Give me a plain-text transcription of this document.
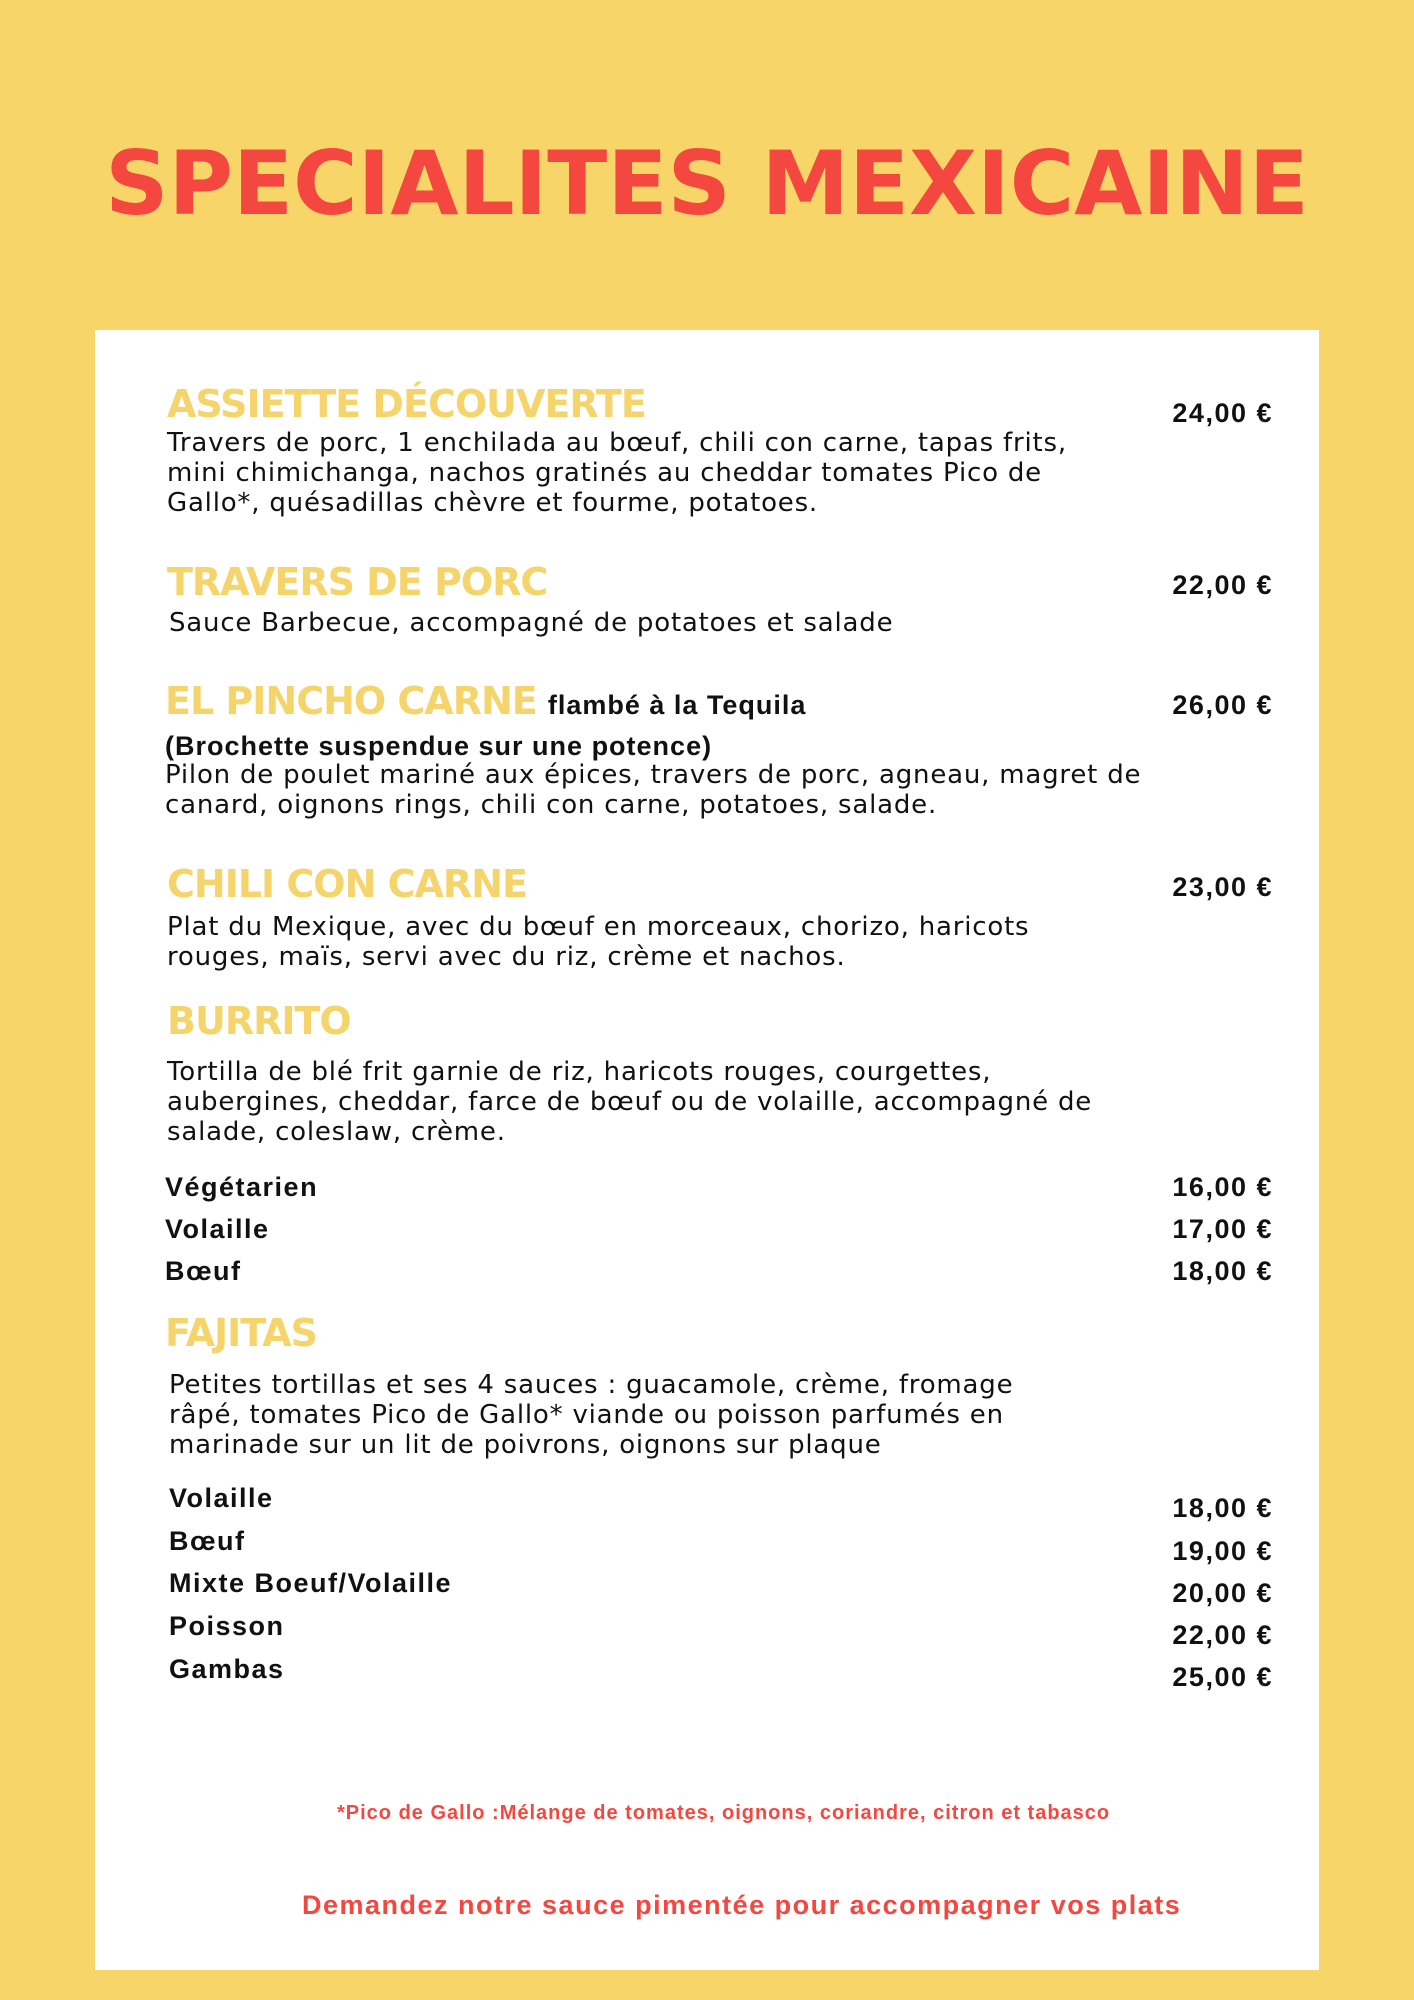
SPECIALITES MEXICAINE
ASSIETTE DÉCOUVERTE	24,00 €
Travers de porc, 1 enchilada au bœuf, chili con carne, tapas frits, mini chimichanga, nachos gratinés au cheddar tomates Pico de Gallo*, quésadillas chèvre et fourme, potatoes.
TRAVERS DE PORC	22,00 €
Sauce Barbecue, accompagné de potatoes et salade
EL PINCHO CARNE flambé à la Tequila	26,00 €
(Brochette suspendue sur une potence)
Pilon de poulet mariné aux épices, travers de porc, agneau, magret de canard, oignons rings, chili con carne, potatoes, salade.
CHILI CON CARNE	23,00 €
Plat du Mexique, avec du bœuf en morceaux, chorizo, haricots rouges, maïs, servi avec du riz, crème et nachos.
BURRITO
Tortilla de blé frit garnie de riz, haricots rouges, courgettes, aubergines, cheddar, farce de bœuf ou de volaille, accompagné de salade, coleslaw, crème.
Végétarien	16,00 €
Volaille	17,00 €
Bœuf	18,00 €
FAJITAS
Petites tortillas et ses 4 sauces : guacamole, crème, fromage râpé, tomates Pico de Gallo* viande ou poisson parfumés en marinade sur un lit de poivrons, oignons sur plaque
Volaille	18,00 €
Bœuf	19,00 €
Mixte Boeuf/Volaille	20,00 €
Poisson	22,00 €
Gambas	25,00 €
*Pico de Gallo :Mélange de tomates, oignons, coriandre, citron et tabasco
Demandez notre sauce pimentée pour accompagner vos plats
